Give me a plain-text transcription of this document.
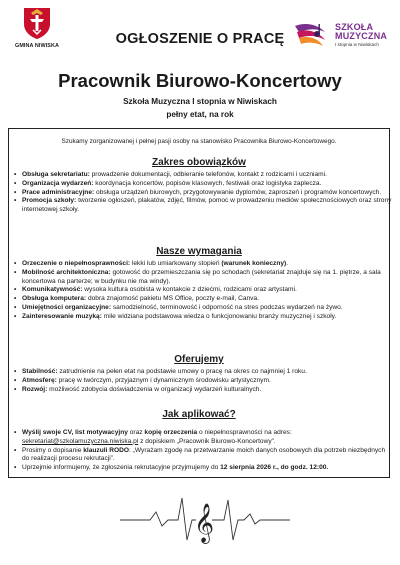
GMINA NIWISKA	OGŁOSZENIE O PRACĘ
SZKOŁA
MUZYCZNA
I stopnia w Niwiskach
Pracownik Biurowo-Koncertowy
Szkoła Muzyczna I stopnia w Niwiskach
pełny etat, na rok
Szukamy zorganizowanej i pełnej pasji osoby na stanowisko Pracownika Biurowo-Koncertowego.
Zakres obowiązków
• Obsługa sekretariatu: prowadzenie dokumentacji, odbieranie telefonów, kontakt z rodzicami i uczniami.
• Organizacja wydarzeń: koordynacja koncertów, popisów klasowych, festiwali oraz logistyka zaplecza.
• Prace administracyjne: obsługa urządzeń biurowych, przygotowywanie dyplomów, zaproszeń i programów koncertowych.
• Promocja szkoły: tworzenie ogłoszeń, plakatów, zdjęć, filmów, pomoc w prowadzeniu mediów społecznościowych oraz strony internetowej szkoły.
Nasze wymagania
• Orzeczenie o niepełnosprawności: lekki lub umiarkowany stopień (warunek konieczny).
• Mobilność architektoniczna: gotowość do przemieszczania się po schodach (sekretariat znajduje się na 1. piętrze, a sala koncertowa na parterze; w budynku nie ma windy).
• Komunikatywność: wysoka kultura osobista w kontakcie z dziećmi, rodzicami oraz artystami.
• Obsługa komputera: dobra znajomość pakietu MS Office, poczty e-mail, Canva.
• Umiejętności organizacyjne: samodzielność, terminowość i odporność na stres podczas wydarzeń na żywo.
• Zainteresowanie muzyką: mile widziana podstawowa wiedza o funkcjonowaniu branży muzycznej i szkoły.
Oferujemy
• Stabilność: zatrudnienie na pełen etat na podstawie umowy o pracę na okres co najmniej 1 roku.
• Atmosferę: pracę w twórczym, przyjaznym i dynamicznym środowisku artystycznym.
• Rozwój: możliwość zdobycia doświadczenia w organizacji wydarzeń kulturalnych.
Jak aplikować?
• Wyślij swoje CV, list motywacyjny oraz kopię orzeczenia o niepełnosprawności na adres: sekretariat@szkolamuzyczna.niwiska.pl z dopiskiem „Pracownik Biurowo-Koncertowy”.
• Prosimy o dopisanie klauzuli RODO: „Wyrażam zgodę na przetwarzanie moich danych osobowych dla potrzeb niezbędnych do realizacji procesu rekrutacji”.
• Uprzejmie informujemy, że zgłoszenia rekrutacyjne przyjmujemy do 12 sierpnia 2026 r., do godz. 12:00.
𝄞
